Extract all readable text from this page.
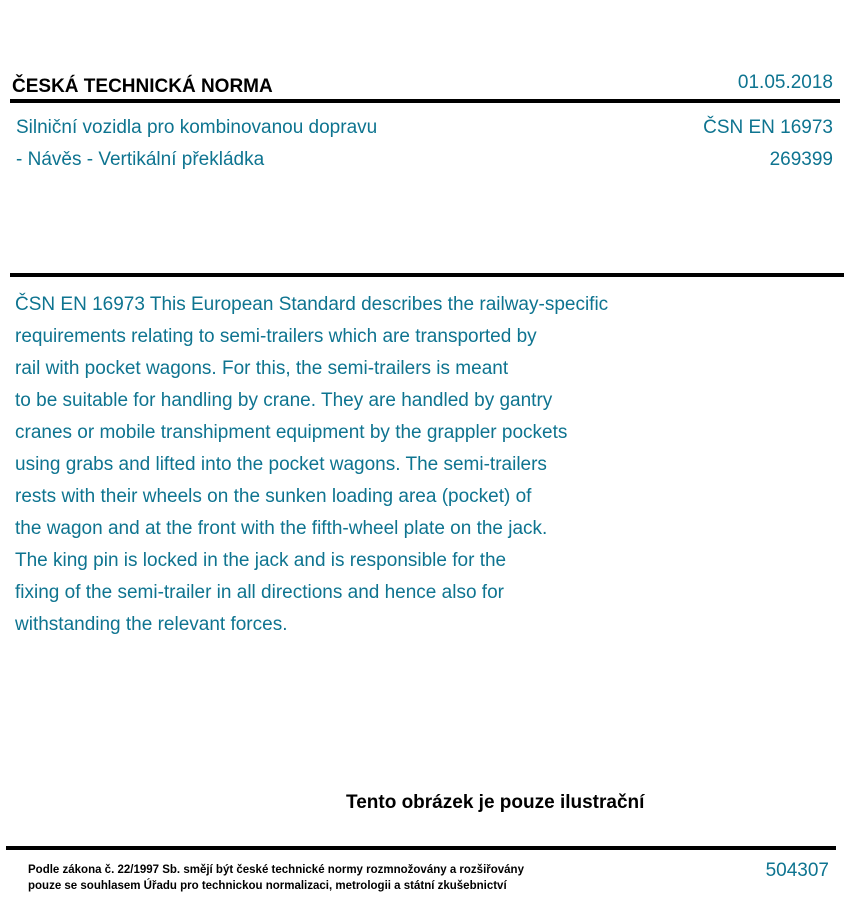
ČESKÁ TECHNICKÁ NORMA	01.05.2018
Silniční vozidla pro kombinovanou dopravu
- Návěs - Vertikální překládka
ČSN EN 16973
269399
ČSN EN 16973 This European Standard describes the railway-specific
requirements relating to semi-trailers which are transported by
rail with pocket wagons. For this, the semi-trailers is meant
to be suitable for handling by crane. They are handled by gantry
cranes or mobile transhipment equipment by the grappler pockets
using grabs and lifted into the pocket wagons. The semi-trailers
rests with their wheels on the sunken loading area (pocket) of
the wagon and at the front with the fifth-wheel plate on the jack.
The king pin is locked in the jack and is responsible for the
fixing of the semi-trailer in all directions and hence also for
withstanding the relevant forces.
Tento obrázek je pouze ilustrační
Podle zákona č. 22/1997 Sb. smějí být české technické normy rozmnožovány a rozšiřovány
pouze se souhlasem Úřadu pro technickou normalizaci, metrologii a státní zkušebnictví
504307
